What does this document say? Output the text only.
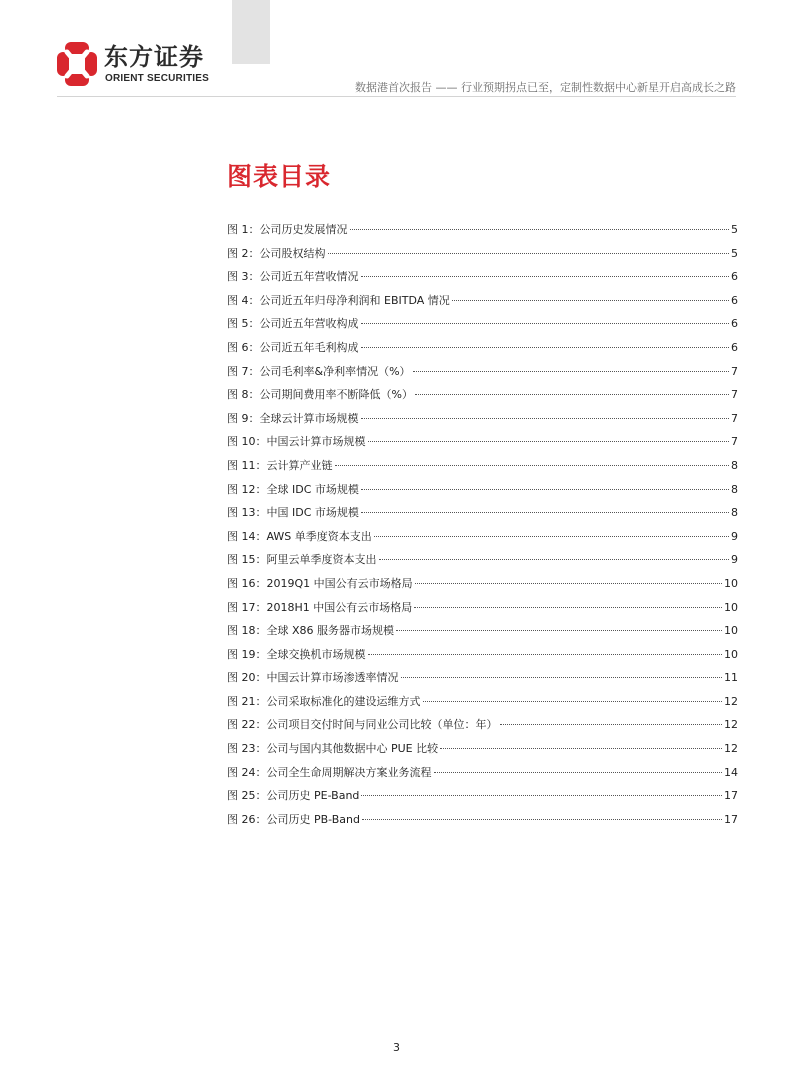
东方证券
ORIENT SECURITIES
数据港首次报告 —— 行业预期拐点已至，定制性数据中心新星开启高成长之路
图表目录
图 1：公司历史发展情况	5
图 2：公司股权结构	5
图 3：公司近五年营收情况	6
图 4：公司近五年归母净利润和 EBITDA 情况	6
图 5：公司近五年营收构成	6
图 6：公司近五年毛利构成	6
图 7：公司毛利率&净利率情况（%）	7
图 8：公司期间费用率不断降低（%）	7
图 9：全球云计算市场规模	7
图 10：中国云计算市场规模	7
图 11：云计算产业链	8
图 12：全球 IDC 市场规模	8
图 13：中国 IDC 市场规模	8
图 14：AWS 单季度资本支出	9
图 15：阿里云单季度资本支出	9
图 16：2019Q1 中国公有云市场格局	10
图 17：2018H1 中国公有云市场格局	10
图 18：全球 X86 服务器市场规模	10
图 19：全球交换机市场规模	10
图 20：中国云计算市场渗透率情况	11
图 21：公司采取标准化的建设运维方式	12
图 22：公司项目交付时间与同业公司比较（单位：年）	12
图 23：公司与国内其他数据中心 PUE 比较	12
图 24：公司全生命周期解决方案业务流程	14
图 25：公司历史 PE-Band	17
图 26：公司历史 PB-Band	17
3
